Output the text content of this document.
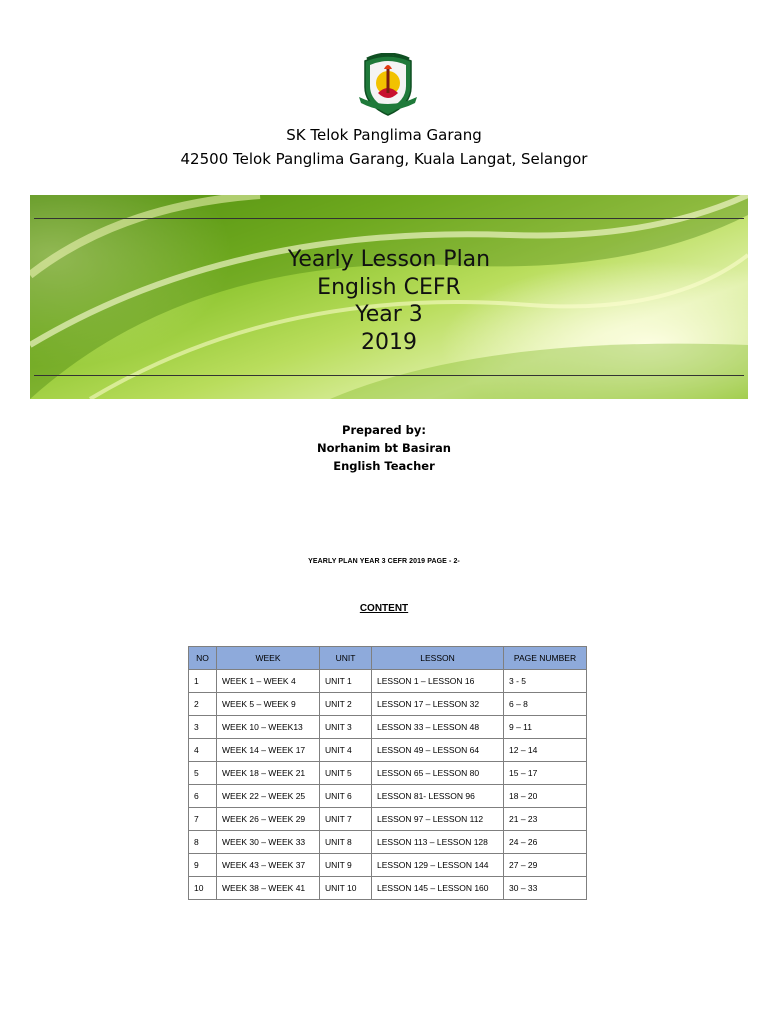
SK Telok Panglima Garang
42500 Telok Panglima Garang, Kuala Langat, Selangor
Yearly Lesson Plan
English CEFR
Year 3
2019
Prepared by:
Norhanim bt Basiran
English Teacher
YEARLY PLAN YEAR 3 CEFR 2019 PAGE - 2-
CONTENT
NO	WEEK	UNIT	LESSON	PAGE NUMBER
1	WEEK 1 – WEEK 4	UNIT 1	LESSON 1 – LESSON 16	3 - 5
2	WEEK 5 – WEEK 9	UNIT 2	LESSON 17 – LESSON 32	6 – 8
3	WEEK 10 – WEEK13	UNIT 3	LESSON 33 – LESSON 48	9 – 11
4	WEEK 14 – WEEK 17	UNIT 4	LESSON 49 – LESSON 64	12 – 14
5	WEEK 18 – WEEK 21	UNIT 5	LESSON 65 – LESSON 80	15 – 17
6	WEEK 22 – WEEK 25	UNIT 6	LESSON 81- LESSON 96	18 – 20
7	WEEK 26 – WEEK 29	UNIT 7	LESSON 97 – LESSON 112	21 – 23
8	WEEK 30 – WEEK 33	UNIT 8	LESSON 113 – LESSON 128	24 – 26
9	WEEK 43 – WEEK 37	UNIT 9	LESSON 129 – LESSON 144	27 – 29
10	WEEK 38 – WEEK 41	UNIT 10	LESSON 145 – LESSON 160	30 – 33
